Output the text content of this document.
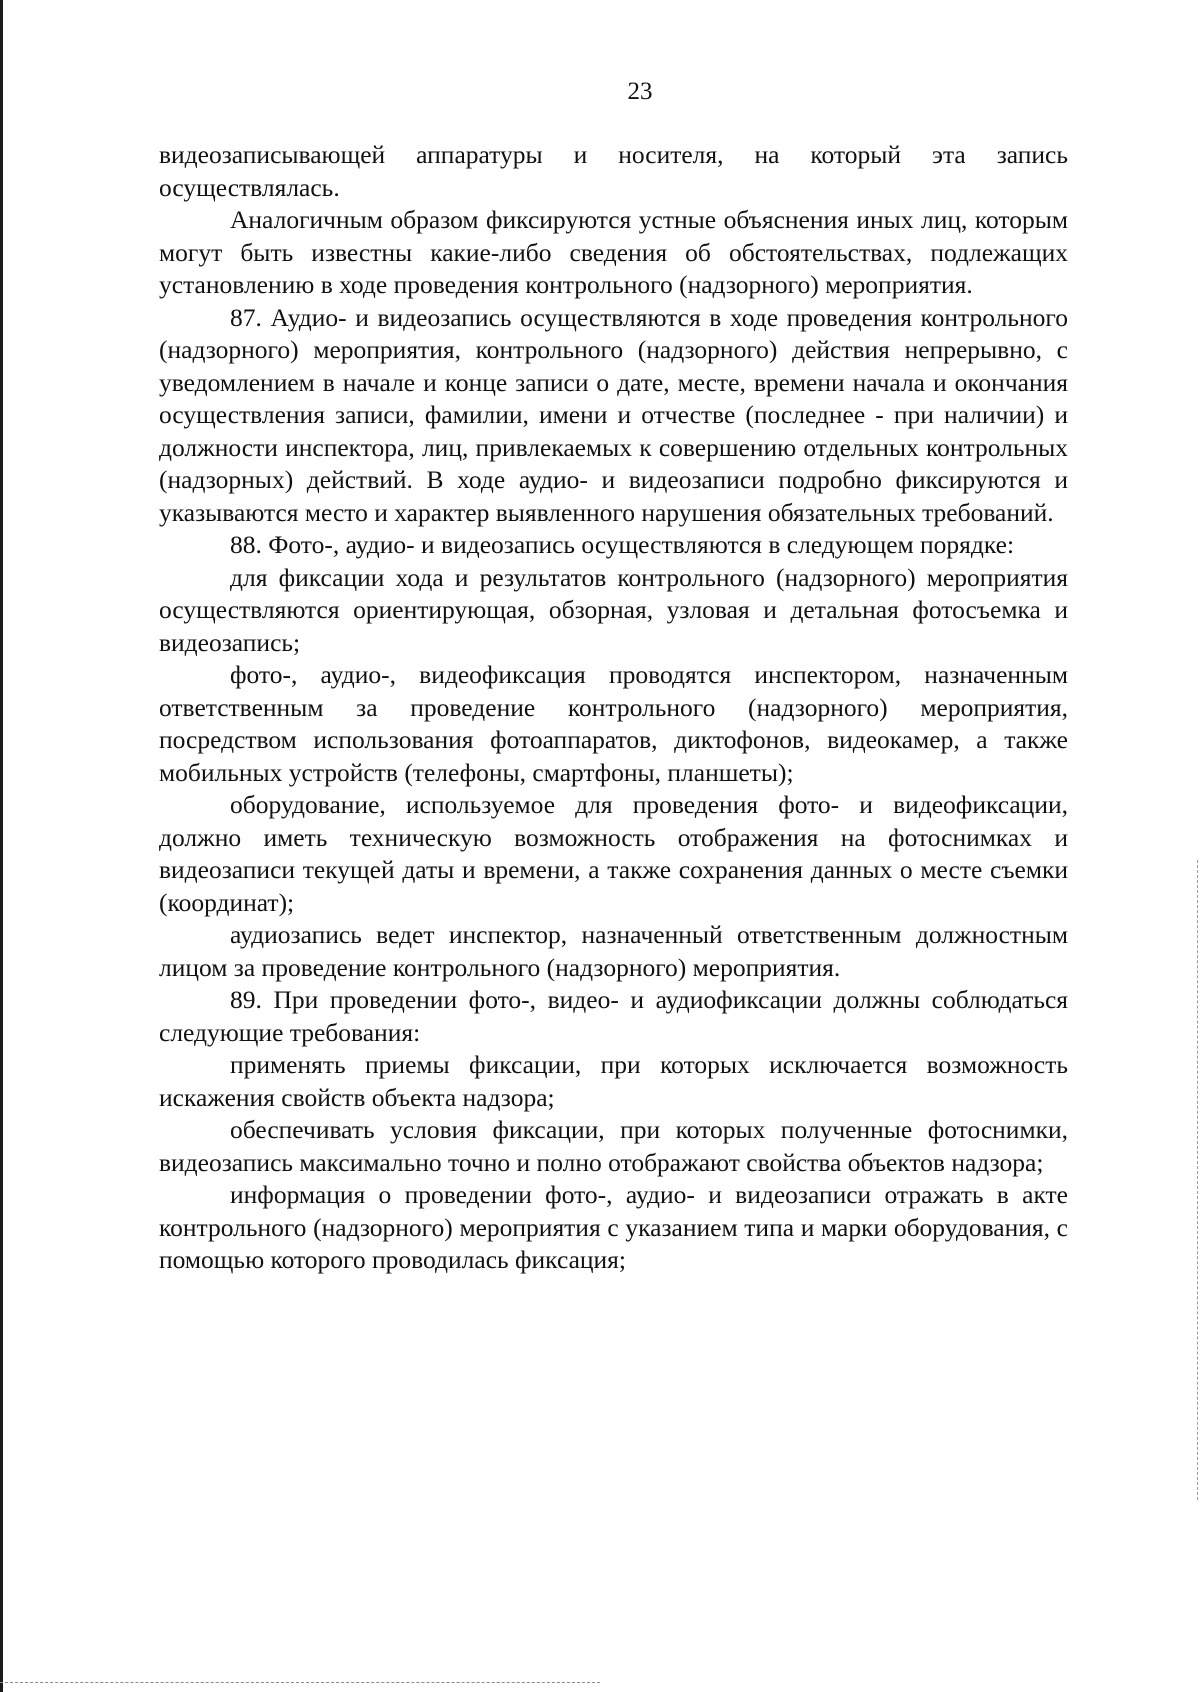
23

видеозаписывающей аппаратуры и носителя, на который эта запись осуществлялась.

Аналогичным образом фиксируются устные объяснения иных лиц, которым могут быть известны какие-либо сведения об обстоятельствах, подлежащих установлению в ходе проведения контрольного (надзорного) мероприятия.

87. Аудио- и видеозапись осуществляются в ходе проведения контрольного (надзорного) мероприятия, контрольного (надзорного) действия непрерывно, с уведомлением в начале и конце записи о дате, месте, времени начала и окончания осуществления записи, фамилии, имени и отчестве (последнее - при наличии) и должности инспектора, лиц, привлекаемых к совершению отдельных контрольных (надзорных) действий. В ходе аудио- и видеозаписи подробно фиксируются и указываются место и характер выявленного нарушения обязательных требований.

88. Фото-, аудио- и видеозапись осуществляются в следующем порядке:

для фиксации хода и результатов контрольного (надзорного) мероприятия осуществляются ориентирующая, обзорная, узловая и детальная фотосъемка и видеозапись;

фото-, аудио-, видеофиксация проводятся инспектором, назначенным ответственным за проведение контрольного (надзорного) мероприятия, посредством использования фотоаппаратов, диктофонов, видеокамер, а также мобильных устройств (телефоны, смартфоны, планшеты);

оборудование, используемое для проведения фото- и видеофиксации, должно иметь техническую возможность отображения на фотоснимках и видеозаписи текущей даты и времени, а также сохранения данных о месте съемки (координат);

аудиозапись ведет инспектор, назначенный ответственным должностным лицом за проведение контрольного (надзорного) мероприятия.

89. При проведении фото-, видео- и аудиофиксации должны соблюдаться следующие требования:

применять приемы фиксации, при которых исключается возможность искажения свойств объекта надзора;

обеспечивать условия фиксации, при которых полученные фотоснимки, видеозапись максимально точно и полно отображают свойства объектов надзора;

информация о проведении фото-, аудио- и видеозаписи отражать в акте контрольного (надзорного) мероприятия с указанием типа и марки оборудования, с помощью которого проводилась фиксация;
